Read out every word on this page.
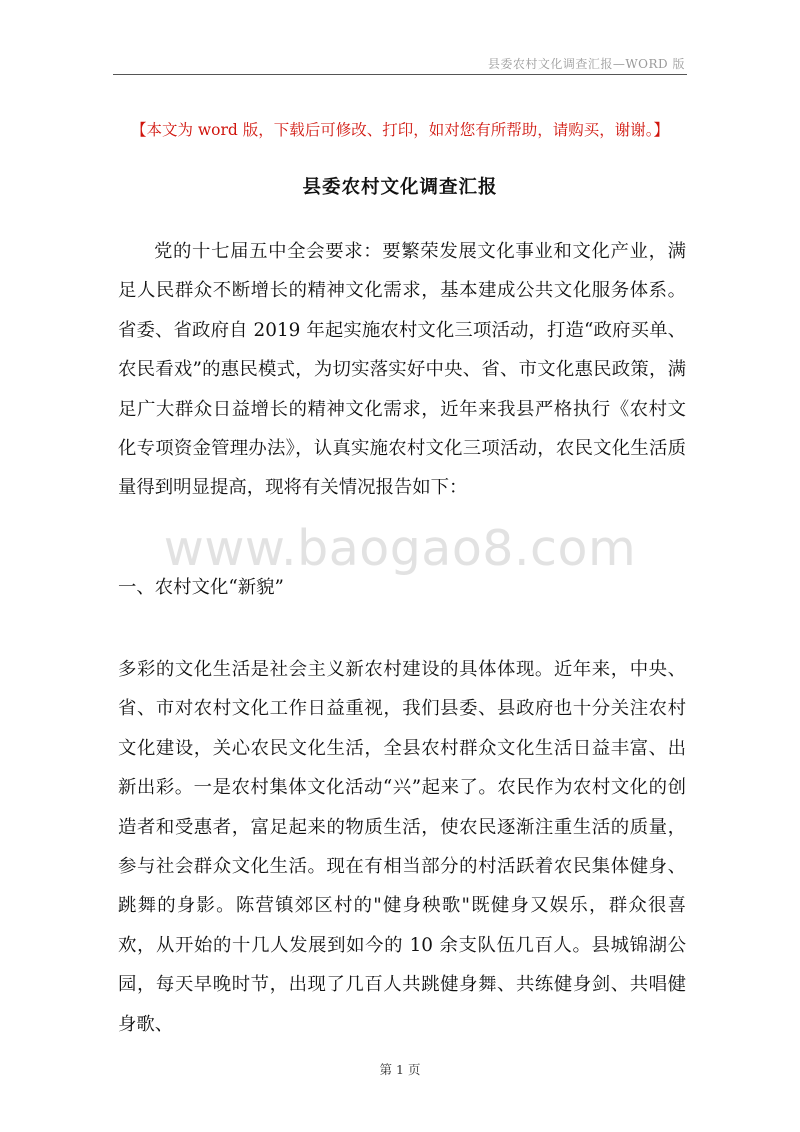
县委农村文化调查汇报—WORD 版
【本文为 word 版，下载后可修改、打印，如对您有所帮助，请购买，谢谢。】
县委农村文化调查汇报

党的十七届五中全会要求：要繁荣发展文化事业和文化产业，满足人民群众不断增长的精神文化需求，基本建成公共文化服务体系。省委、省政府自 2019 年起实施农村文化三项活动，打造“政府买单、农民看戏”的惠民模式，为切实落实好中央、省、市文化惠民政策，满足广大群众日益增长的精神文化需求，近年来我县严格执行《农村文化专项资金管理办法》，认真实施农村文化三项活动，农民文化生活质量得到明显提高，现将有关情况报告如下：

www.baogao8.com
一、农村文化“新貌”

多彩的文化生活是社会主义新农村建设的具体体现。近年来，中央、省、市对农村文化工作日益重视，我们县委、县政府也十分关注农村文化建设，关心农民文化生活，全县农村群众文化生活日益丰富、出新出彩。一是农村集体文化活动“兴”起来了。农民作为农村文化的创造者和受惠者，富足起来的物质生活，使农民逐渐注重生活的质量，参与社会群众文化生活。现在有相当部分的村活跃着农民集体健身、跳舞的身影。陈营镇郊区村的"健身秧歌"既健身又娱乐，群众很喜欢，从开始的十几人发展到如今的 10 余支队伍几百人。县城锦湖公园，每天早晚时节，出现了几百人共跳健身舞、共练健身剑、共唱健身歌、

第 1 页
